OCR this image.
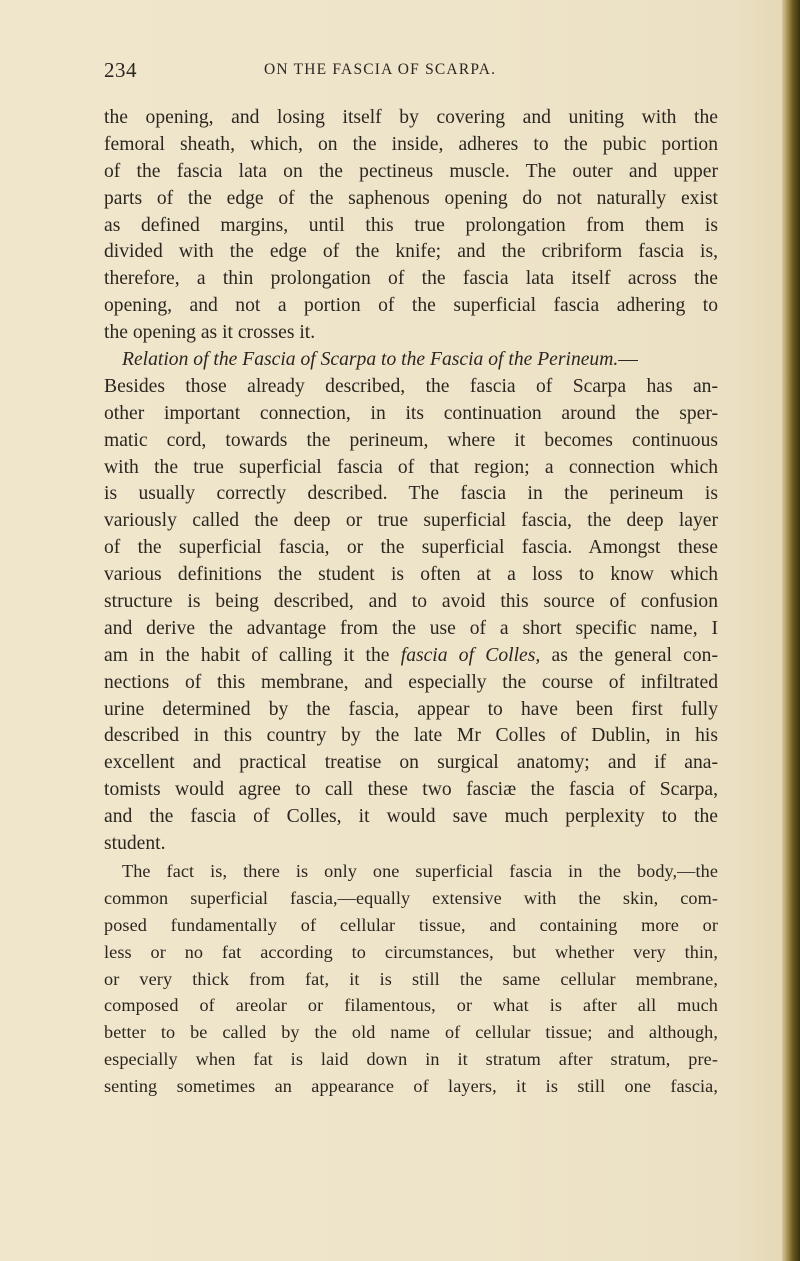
234	ON THE FASCIA OF SCARPA.
the opening, and losing itself by covering and uniting with the
femoral sheath, which, on the inside, adheres to the pubic portion
of the fascia lata on the pectineus muscle. The outer and upper
parts of the edge of the saphenous opening do not naturally exist
as defined margins, until this true prolongation from them is
divided with the edge of the knife; and the cribriform fascia is,
therefore, a thin prolongation of the fascia lata itself across the
opening, and not a portion of the superficial fascia adhering to
the opening as it crosses it.
Relation of the Fascia of Scarpa to the Fascia of the Perineum.—
Besides those already described, the fascia of Scarpa has an-
other important connection, in its continuation around the sper-
matic cord, towards the perineum, where it becomes continuous
with the true superficial fascia of that region; a connection which
is usually correctly described. The fascia in the perineum is
variously called the deep or true superficial fascia, the deep layer
of the superficial fascia, or the superficial fascia. Amongst these
various definitions the student is often at a loss to know which
structure is being described, and to avoid this source of confusion
and derive the advantage from the use of a short specific name, I
am in the habit of calling it the fascia of Colles, as the general con-
nections of this membrane, and especially the course of infiltrated
urine determined by the fascia, appear to have been first fully
described in this country by the late Mr Colles of Dublin, in his
excellent and practical treatise on surgical anatomy; and if ana-
tomists would agree to call these two fasciæ the fascia of Scarpa,
and the fascia of Colles, it would save much perplexity to the
student.
The fact is, there is only one superficial fascia in the body,—the
common superficial fascia,—equally extensive with the skin, com-
posed fundamentally of cellular tissue, and containing more or
less or no fat according to circumstances, but whether very thin,
or very thick from fat, it is still the same cellular membrane,
composed of areolar or filamentous, or what is after all much
better to be called by the old name of cellular tissue; and although,
especially when fat is laid down in it stratum after stratum, pre-
senting sometimes an appearance of layers, it is still one fascia,
